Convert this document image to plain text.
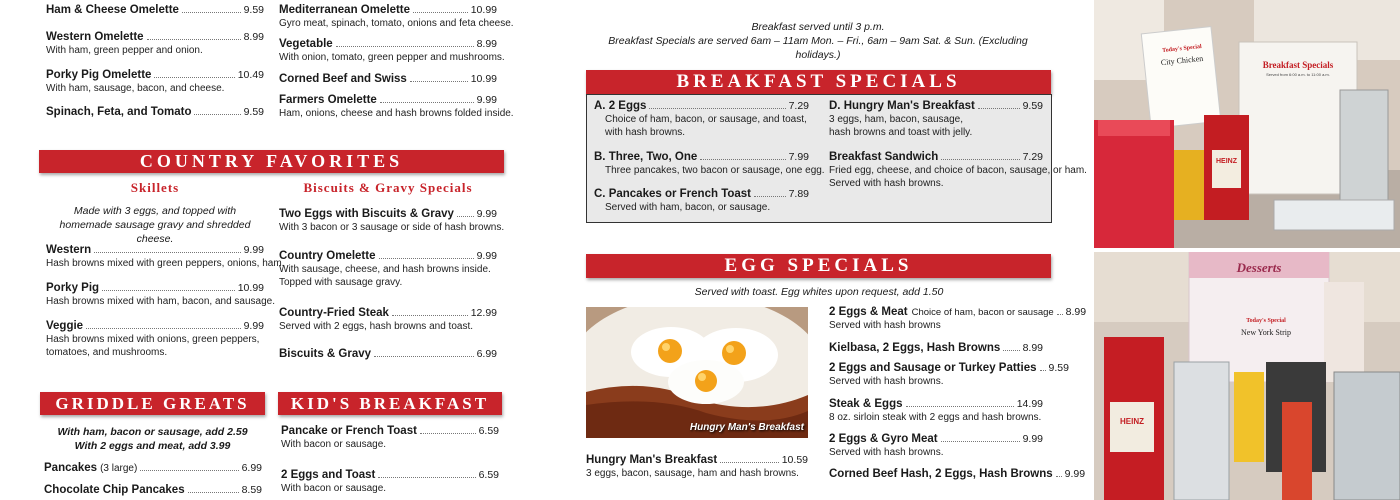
COUNTRY FAVORITES
Skillets	Biscuits & Gravy Specials
Made with 3 eggs, and topped with
homemade sausage gravy and shredded cheese.
GRIDDLE GREATS
With ham, bacon or sausage, add 2.59
With 2 eggs and meat, add 3.99
KID'S BREAKFAST
Breakfast served until 3 p.m.
Breakfast Specials are served 6am – 11am Mon. – Fri., 6am – 9am Sat. & Sun. (Excluding holidays.)
BREAKFAST SPECIALS
EGG SPECIALS
Served with toast. Egg whites upon request, add 1.50
Hungry Man's Breakfast
Breakfast Specials
Served from 6:00 a.m. to 11:00 a.m.
Today's Special
City Chicken
HEINZ
Desserts
Today's Special
New York Strip
HEINZ
Ham & Cheese Omelette	9.59
Western Omelette	8.99
With ham, green pepper and onion.
Porky Pig Omelette	10.49
With ham, sausage, bacon, and cheese.
Spinach, Feta, and Tomato	9.59
Mediterranean Omelette	10.99
Gyro meat, spinach, tomato, onions and feta cheese.
Vegetable	8.99
With onion, tomato, green pepper and mushrooms.
Corned Beef and Swiss	10.99
Farmers Omelette	9.99
Ham, onions, cheese and hash browns folded inside.
Western	9.99
Hash browns mixed with green peppers, onions, ham.
Porky Pig	10.99
Hash browns mixed with ham, bacon, and sausage.
Veggie	9.99
Hash browns mixed with onions, green peppers,
tomatoes, and mushrooms.
Two Eggs with Biscuits & Gravy 9.99
With 3 bacon or 3 sausage or side of hash browns.
Country Omelette	9.99
With sausage, cheese, and hash browns inside.
Topped with sausage gravy.
Country-Fried Steak	12.99
Served with 2 eggs, hash browns and toast.
Biscuits & Gravy	6.99
Pancakes (3 large)	6.99
Chocolate Chip Pancakes	8.59
Pancake or French Toast	6.59
With bacon or sausage.
2 Eggs and Toast	6.59
With bacon or sausage.
A. 2 Eggs	7.29
Choice of ham, bacon, or sausage, and toast,
with hash browns.
B. Three, Two, One	7.99
Three pancakes, two bacon or sausage, one egg.
C. Pancakes or French Toast	7.89
Served with ham, bacon, or sausage.
D. Hungry Man's Breakfast	9.59
3 eggs, ham, bacon, sausage,
hash browns and toast with jelly.
Breakfast Sandwich	7.29
Fried egg, cheese, and choice of bacon, sausage, or ham.
Served with hash browns.
Hungry Man's Breakfast	10.59
3 eggs, bacon, sausage, ham and hash browns.
2 Eggs & Meat Choice of ham, bacon or sausage 8.99
Served with hash browns
Kielbasa, 2 Eggs, Hash Browns 8.99
2 Eggs and Sausage or Turkey Patties 9.59
Served with hash browns.
Steak & Eggs	14.99
8 oz. sirloin steak with 2 eggs and hash browns.
2 Eggs & Gyro Meat	9.99
Served with hash browns.
Corned Beef Hash, 2 Eggs, Hash Browns 9.99
